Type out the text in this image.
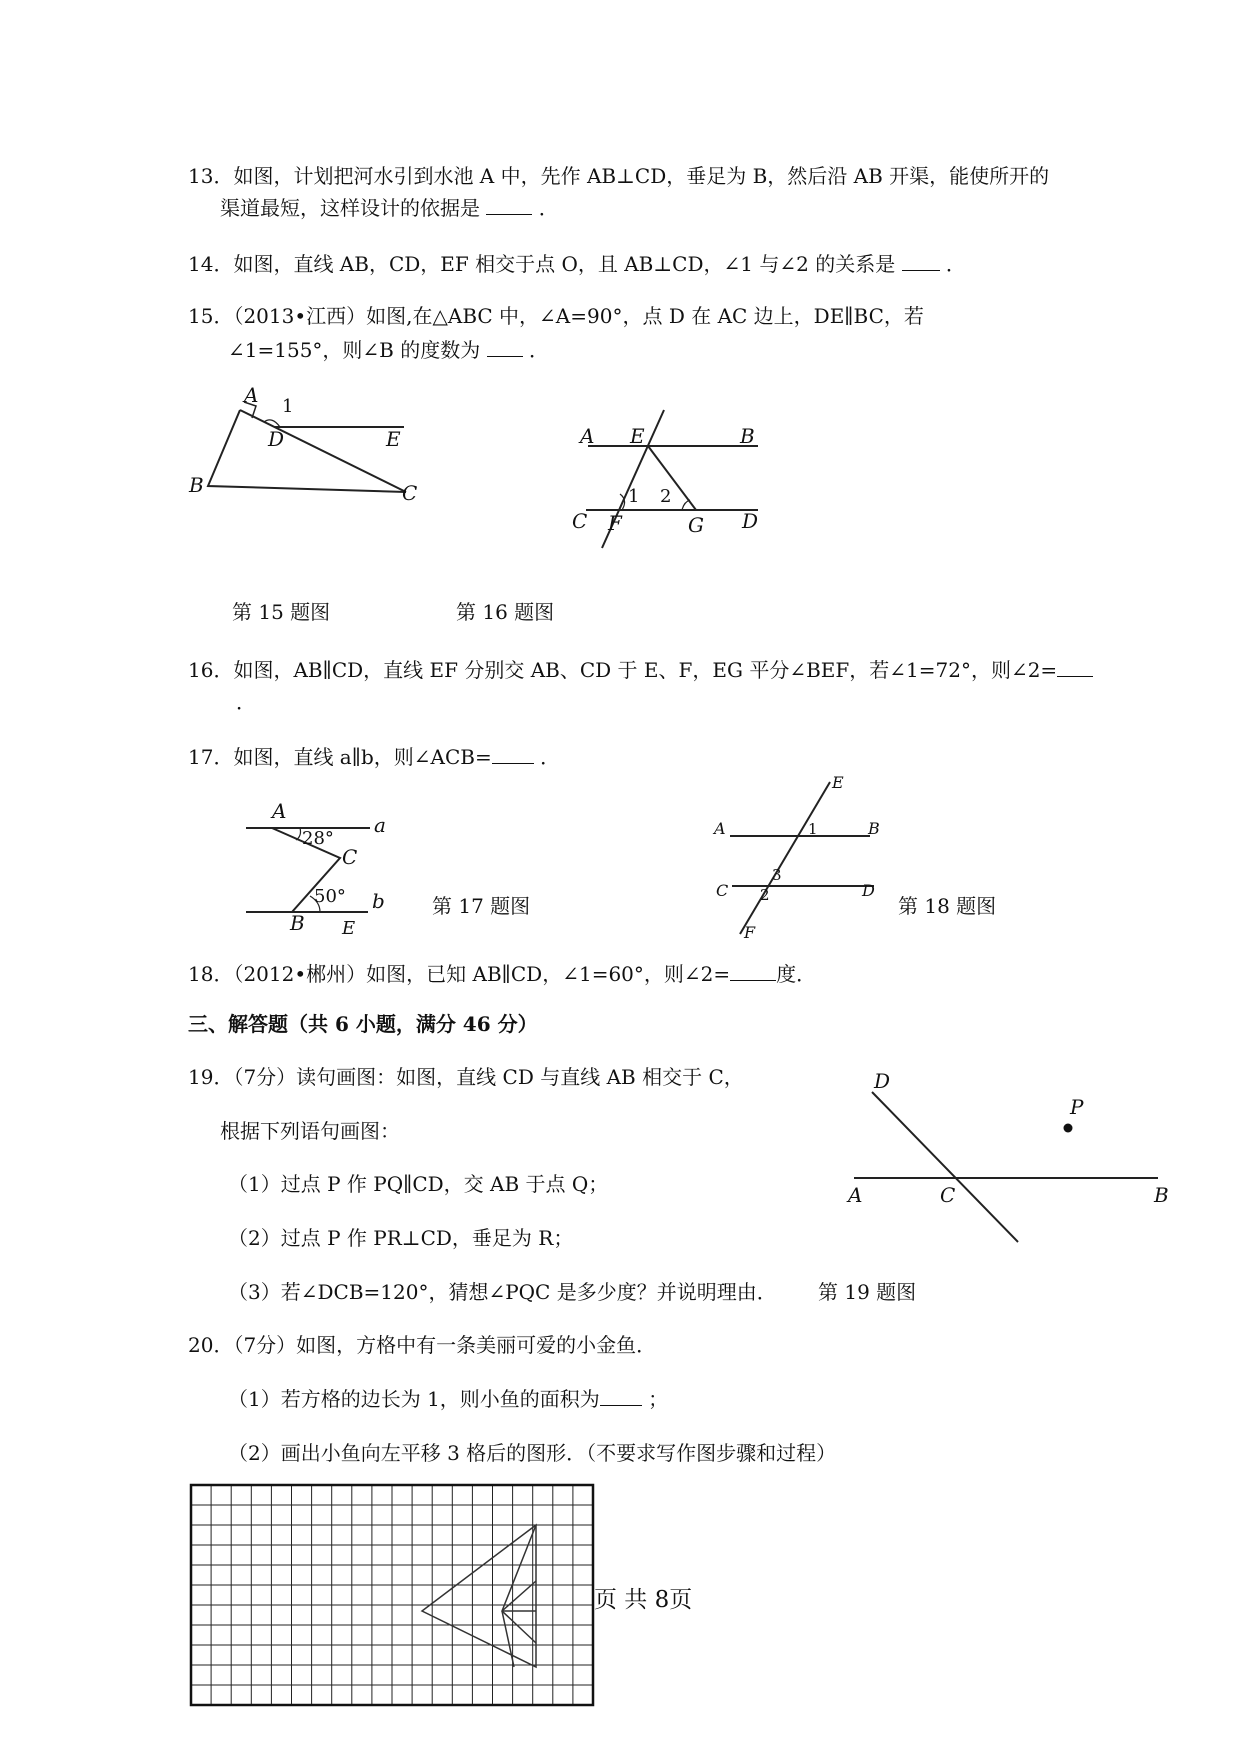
13．如图，计划把河水引到水池 A 中，先作 AB⊥CD，垂足为 B，然后沿 AB 开渠，能使所开的
渠道最短，这样设计的依据是	．
14．如图，直线 AB，CD，EF 相交于点 O，且 AB⊥CD，∠1 与∠2 的关系是	．
15．（2013•江西）如图,在△ABC 中，∠A=90°，点 D 在 AC 边上，DE∥BC，若
∠1=155°，则∠B 的度数为 ．
A 1
D	E
B	C
A E	B
1 2
C F	G D
第 15 题图	第 16 题图
16．如图，AB∥CD，直线 EF 分别交 AB、CD 于 E、F，EG 平分∠BEF，若∠1=72°，则∠2=
．
17．如图，直线 a∥b，则∠ACB= ．
A
a
28°
C
50° b
B E
第 17 题图
E
A	1	B
3
C 2	D
F
第 18 题图
18．（2012•郴州）如图，已知 AB∥CD，∠1=60°，则∠2= 度．
三、解答题（共 6 小题，满分 46 分）
19．（7分）读句画图：如图，直线 CD 与直线 AB 相交于 C，
根据下列语句画图：
（1）过点 P 作 PQ∥CD，交 AB 于点 Q；
（2）过点 P 作 PR⊥CD，垂足为 R；
（3）若∠DCB=120°，猜想∠PQC 是多少度？并说明理由． 第 19 题图
D
P
A	C	B
20．（7分）如图，方格中有一条美丽可爱的小金鱼．
（1）若方格的边长为 1，则小鱼的面积为 ；
（2）画出小鱼向左平移 3 格后的图形．（不要求写作图步骤和过程）
页 共 8页
